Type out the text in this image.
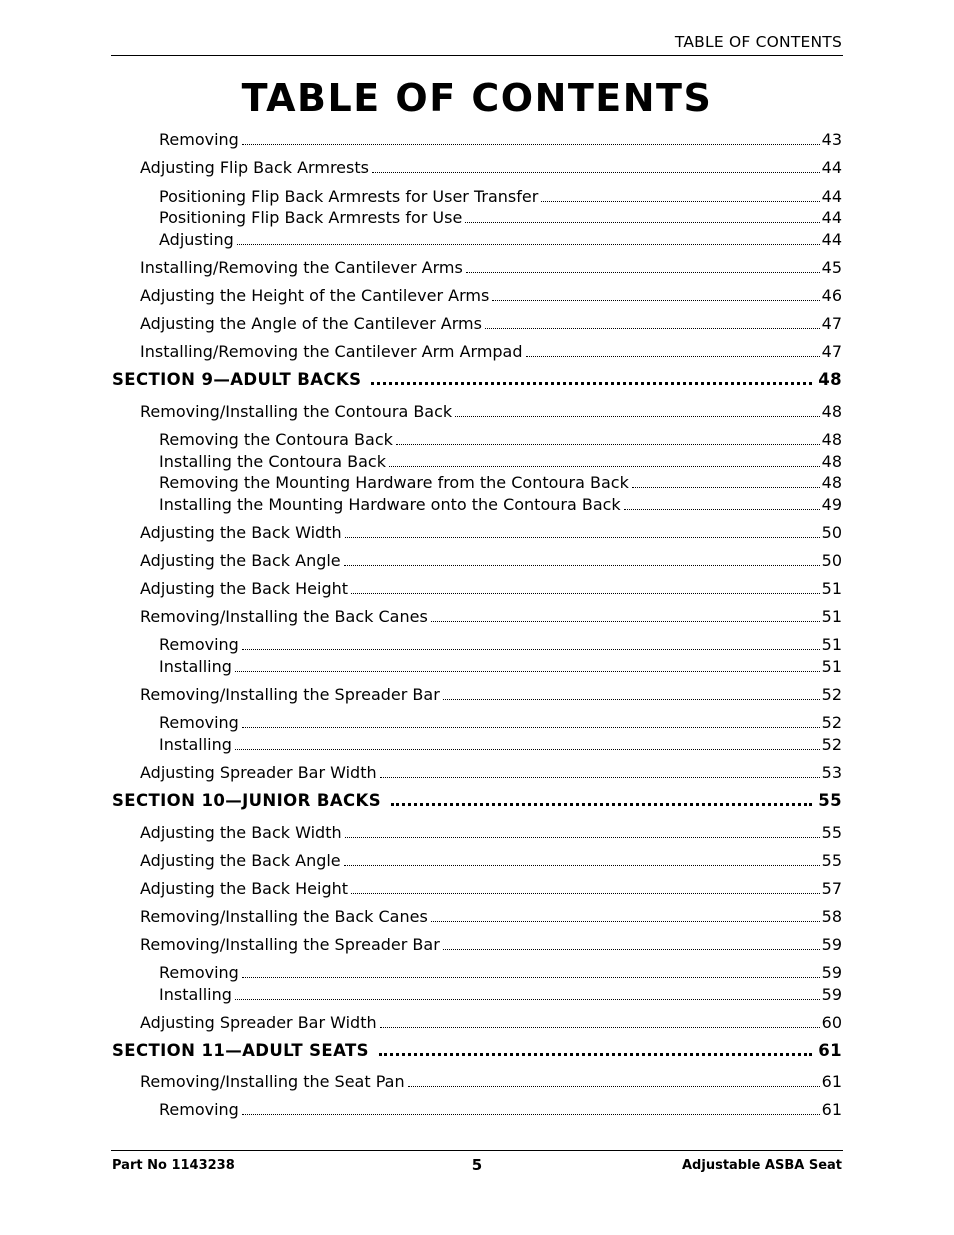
TABLE OF CONTENTS
TABLE OF CONTENTS
Removing	43
Adjusting Flip Back Armrests	44
Positioning Flip Back Armrests for User Transfer	44
Positioning Flip Back Armrests for Use	44
Adjusting	44
Installing/Removing the Cantilever Arms	45
Adjusting the Height of the Cantilever Arms	46
Adjusting the Angle of the Cantilever Arms	47
Installing/Removing the Cantilever Arm Armpad	47
SECTION 9—ADULT BACKS	48
Removing/Installing the Contoura Back	48
Removing the Contoura Back	48
Installing the Contoura Back	48
Removing the Mounting Hardware from the Contoura Back	48
Installing the Mounting Hardware onto the Contoura Back	49
Adjusting the Back Width	50
Adjusting the Back Angle	50
Adjusting the Back Height	51
Removing/Installing the Back Canes	51
Removing	51
Installing	51
Removing/Installing the Spreader Bar	52
Removing	52
Installing	52
Adjusting Spreader Bar Width	53
SECTION 10—JUNIOR BACKS	55
Adjusting the Back Width	55
Adjusting the Back Angle	55
Adjusting the Back Height	57
Removing/Installing the Back Canes	58
Removing/Installing the Spreader Bar	59
Removing	59
Installing	59
Adjusting Spreader Bar Width	60
SECTION 11—ADULT SEATS	61
Removing/Installing the Seat Pan	61
Removing	61
Part No 1143238	5	Adjustable ASBA Seat
